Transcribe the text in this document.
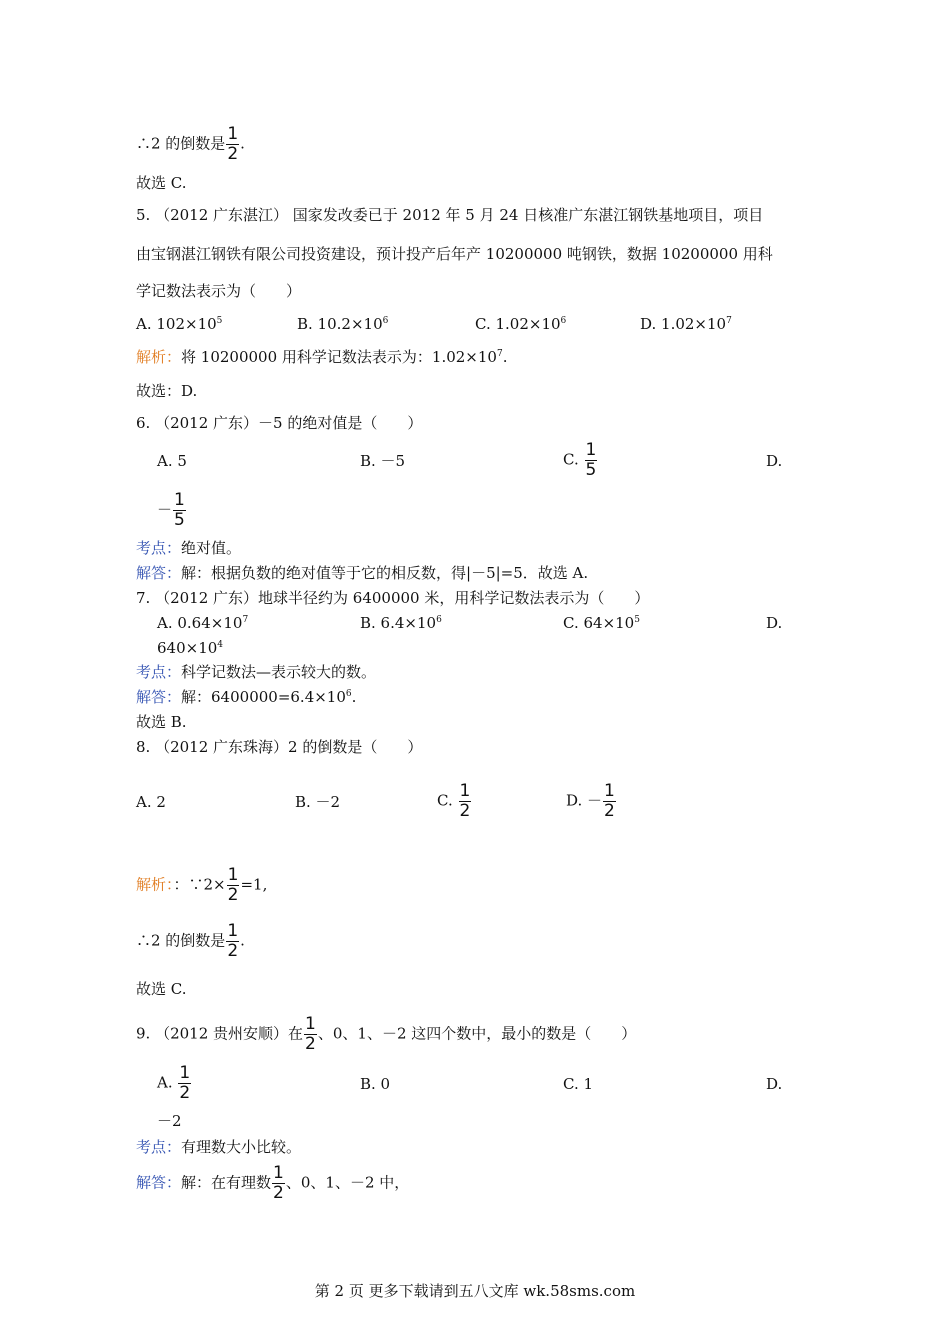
∴2 的倒数是 $\frac{1}{2}$ .
故选 C.
5. （2012 广东湛江） 国家发改委已于 2012 年 5 月 24 日核准广东湛江钢铁基地项目，项目
由宝钢湛江钢铁有限公司投资建设，预计投产后年产 10200000 吨钢铁，数据 10200000 用科
学记数法表示为（　　）
A. $102\times 10^5$	B. $10.2\times 10^6$	C. $1.02\times 10^6$	D. $1.02\times 10^7$
解析：将 10200000 用科学记数法表示为：$1.02\times 10^7$.
故选：D.
6. （2012 广东）－5 的绝对值是（　　）
A. 5	B. －5	C. $\frac{1}{5}$	D.
－ $\frac{1}{5}$
考点：绝对值。
解答：解：根据负数的绝对值等于它的相反数，得|－5|=5．故选 A.
7. （2012 广东）地球半径约为 6400000 米，用科学记数法表示为（　　）
A. $0.64\times 10^7$	B. $6.4\times 10^6$	C. $64\times 10^5$	D.
$640\times 10^4$
考点：科学记数法—表示较大的数。
解答：解：$6400000=6.4\times 10^6$.
故选 B.
8. （2012 广东珠海）2 的倒数是（　　）
A. 2	B. －2	C. $\frac{1}{2}$	D. － $\frac{1}{2}$
解析：：∵2× $\frac{1}{2} =1$,
∴2 的倒数是 $\frac{1}{2}$ .
故选 C.
9. （2012 贵州安顺）在 $\frac{1}{2}$ 、0、1、－2 这四个数中，最小的数是（　　）
A. $\frac{1}{2}$	B. 0	C. 1	D.
－2
考点：有理数大小比较。
解答：解：在有理数 $\frac{1}{2}$ 、0、1、－2 中，
第 2 页 更多下载请到五八文库 wk.58sms.com
